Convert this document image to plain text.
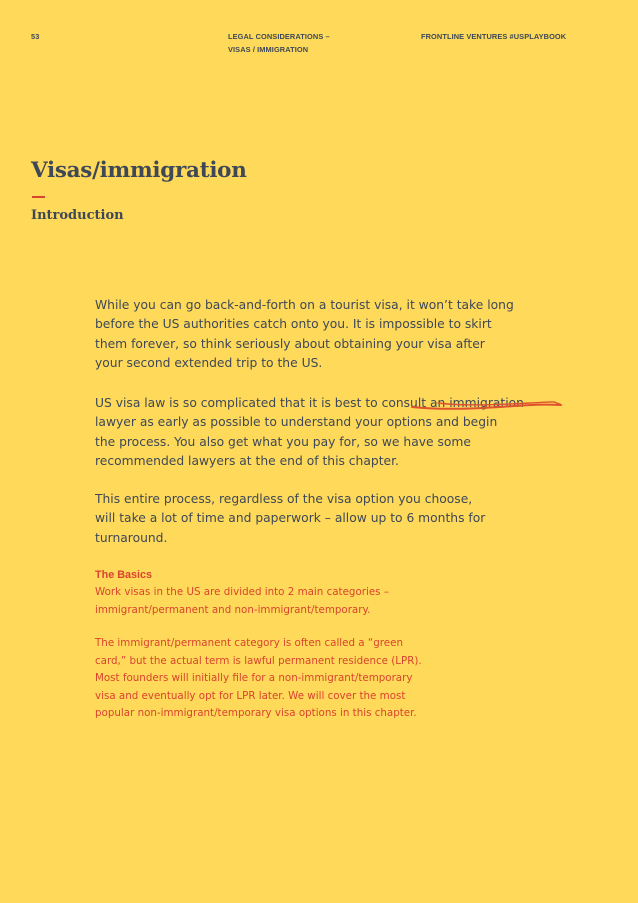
53	LEGAL CONSIDERATIONS –
VISAS / IMMIGRATION
FRONTLINE VENTURES #USPLAYBOOK
Visas/immigration
Introduction

While you can go back-and-forth on a tourist visa, it won’t take long
before the US authorities catch onto you. It is impossible to skirt
them forever, so think seriously about obtaining your visa after
your second extended trip to the US.

US visa law is so complicated that it is best to consult an immigration
lawyer as early as possible to understand your options and begin
the process. You also get what you pay for, so we have some
recommended lawyers at the end of this chapter.

This entire process, regardless of the visa option you choose,
will take a lot of time and paperwork – allow up to 6 months for
turnaround.

The Basics

Work visas in the US are divided into 2 main categories –
immigrant/permanent and non-immigrant/temporary.

The immigrant/permanent category is often called a “green
card,” but the actual term is lawful permanent residence (LPR).
Most founders will initially file for a non-immigrant/temporary
visa and eventually opt for LPR later. We will cover the most
popular non-immigrant/temporary visa options in this chapter.
